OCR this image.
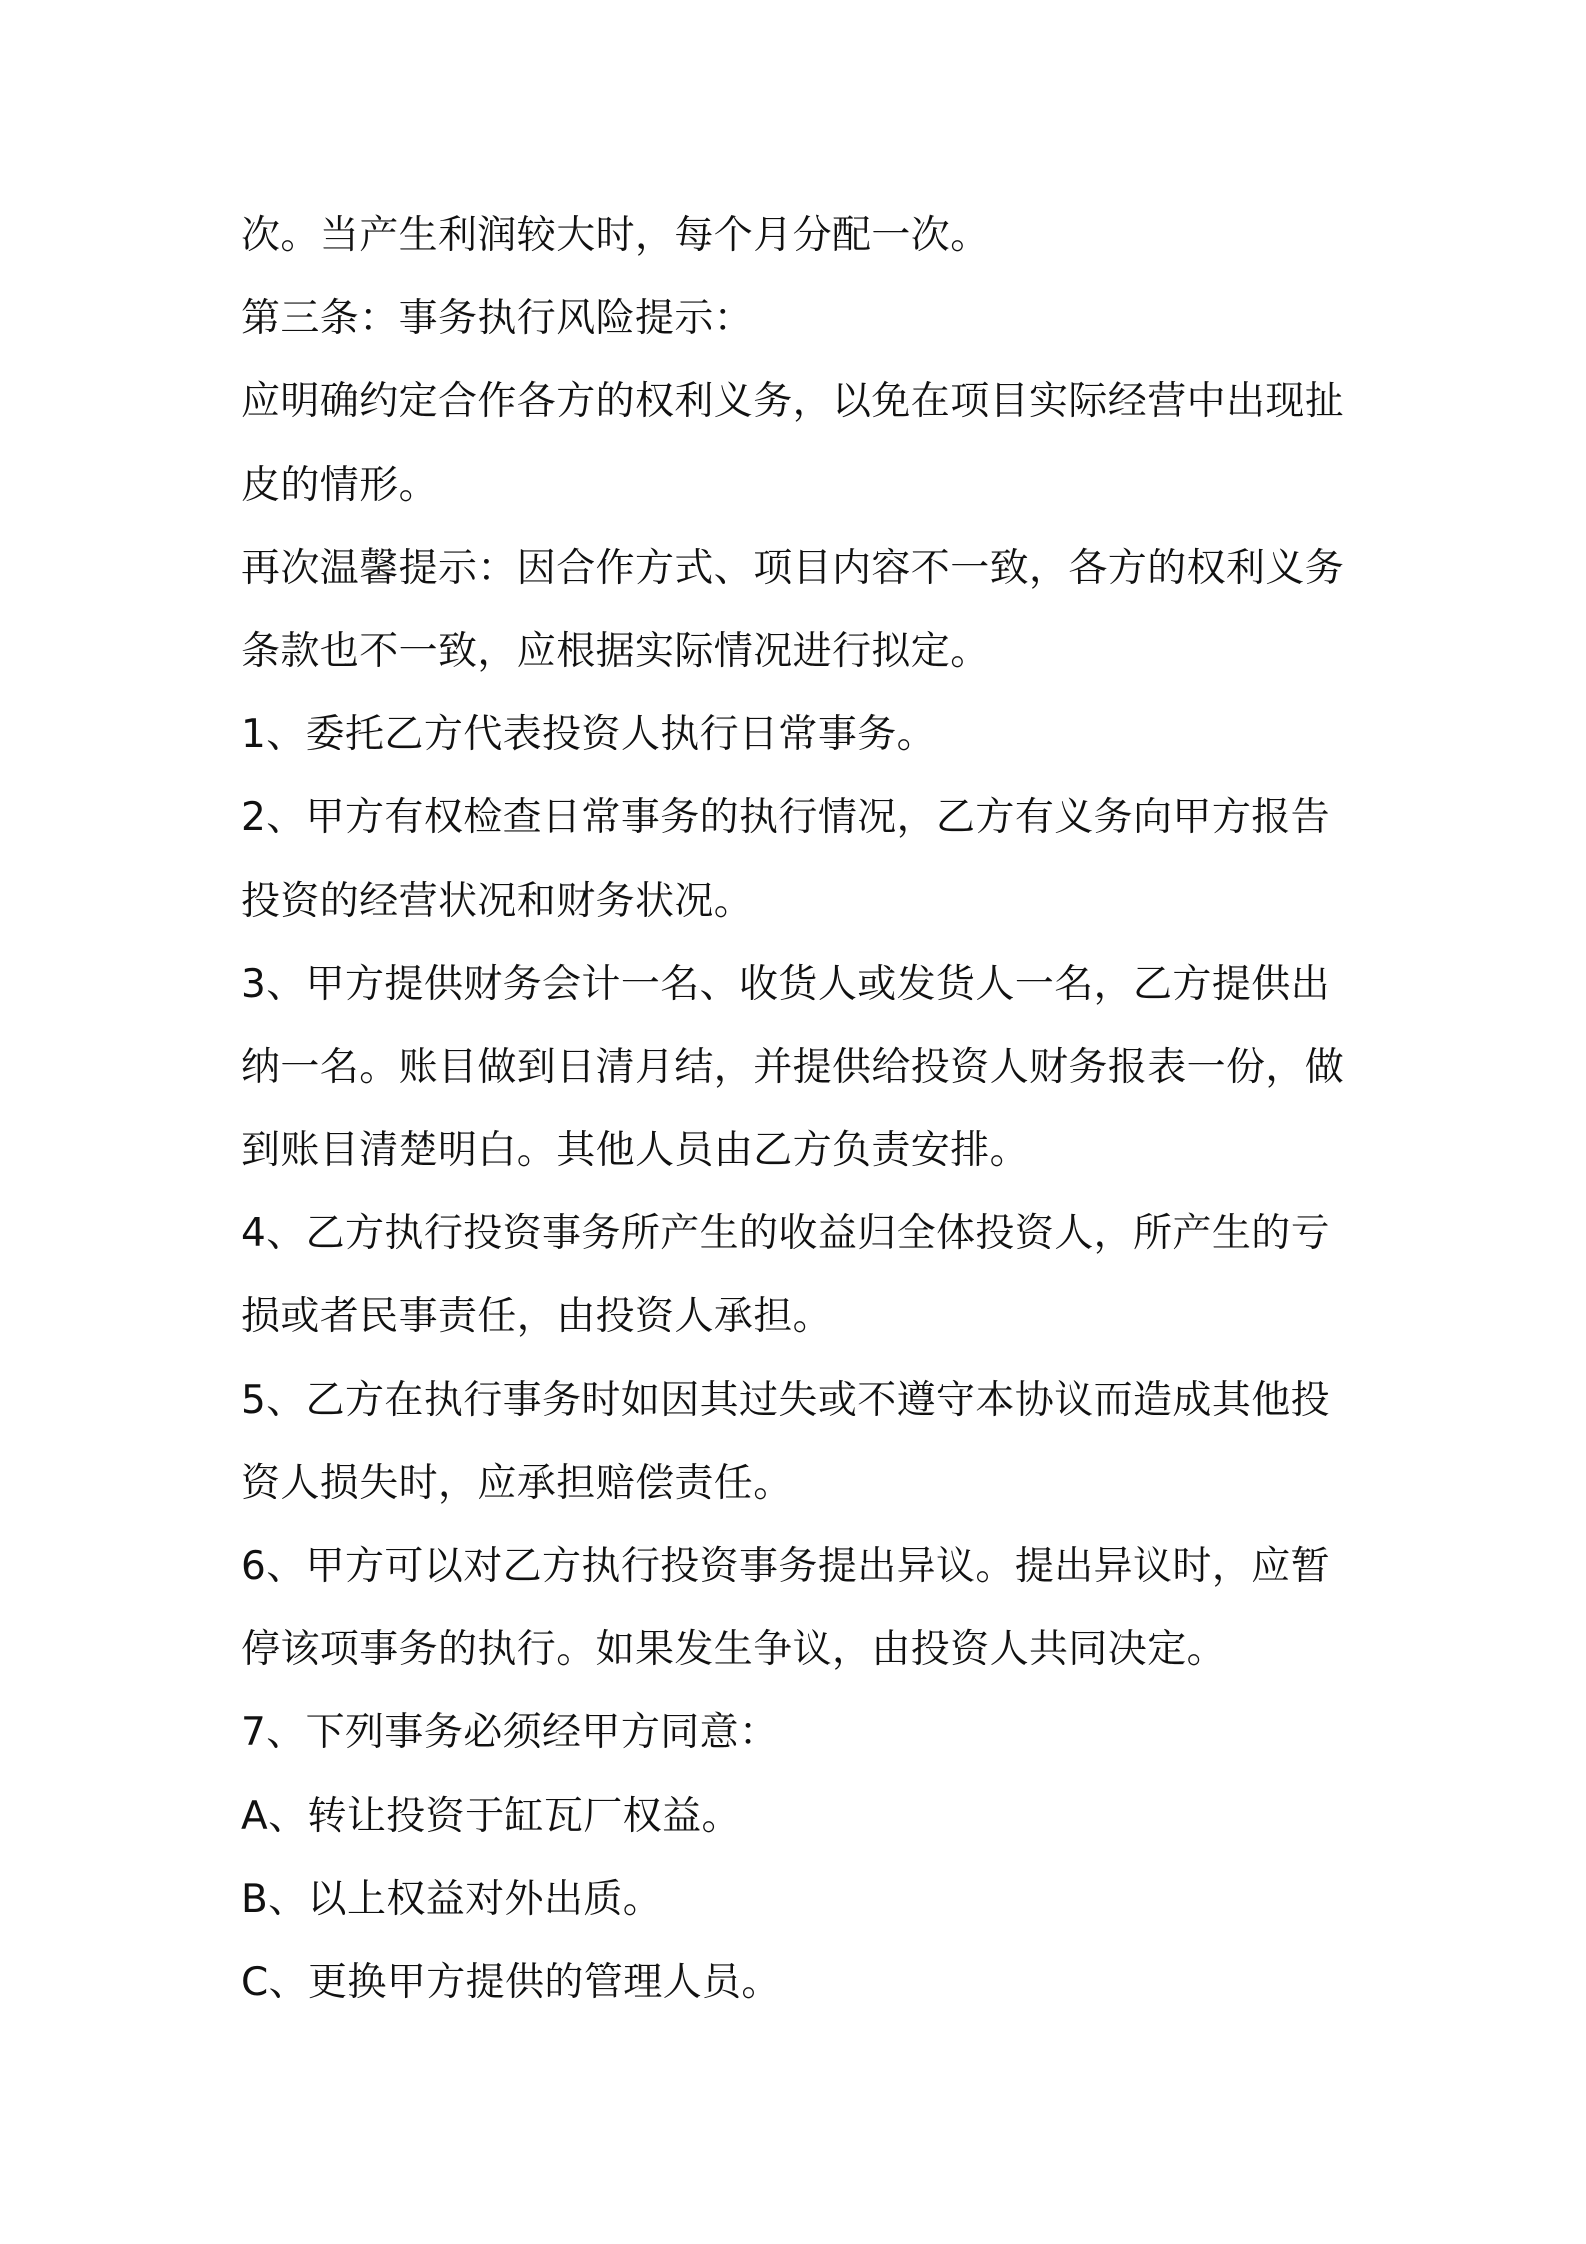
次。当产生利润较大时，每个月分配一次。
第三条：事务执行风险提示：
应明确约定合作各方的权利义务，以免在项目实际经营中出现扯
皮的情形。
再次温馨提示：因合作方式、项目内容不一致，各方的权利义务
条款也不一致，应根据实际情况进行拟定。
1、委托乙方代表投资人执行日常事务。
2、甲方有权检查日常事务的执行情况，乙方有义务向甲方报告
投资的经营状况和财务状况。
3、甲方提供财务会计一名、收货人或发货人一名，乙方提供出
纳一名。账目做到日清月结，并提供给投资人财务报表一份，做
到账目清楚明白。其他人员由乙方负责安排。
4、乙方执行投资事务所产生的收益归全体投资人，所产生的亏
损或者民事责任，由投资人承担。
5、乙方在执行事务时如因其过失或不遵守本协议而造成其他投
资人损失时，应承担赔偿责任。
6、甲方可以对乙方执行投资事务提出异议。提出异议时，应暂
停该项事务的执行。如果发生争议，由投资人共同决定。
7、下列事务必须经甲方同意：
A、转让投资于缸瓦厂权益。
B、以上权益对外出质。
C、更换甲方提供的管理人员。
